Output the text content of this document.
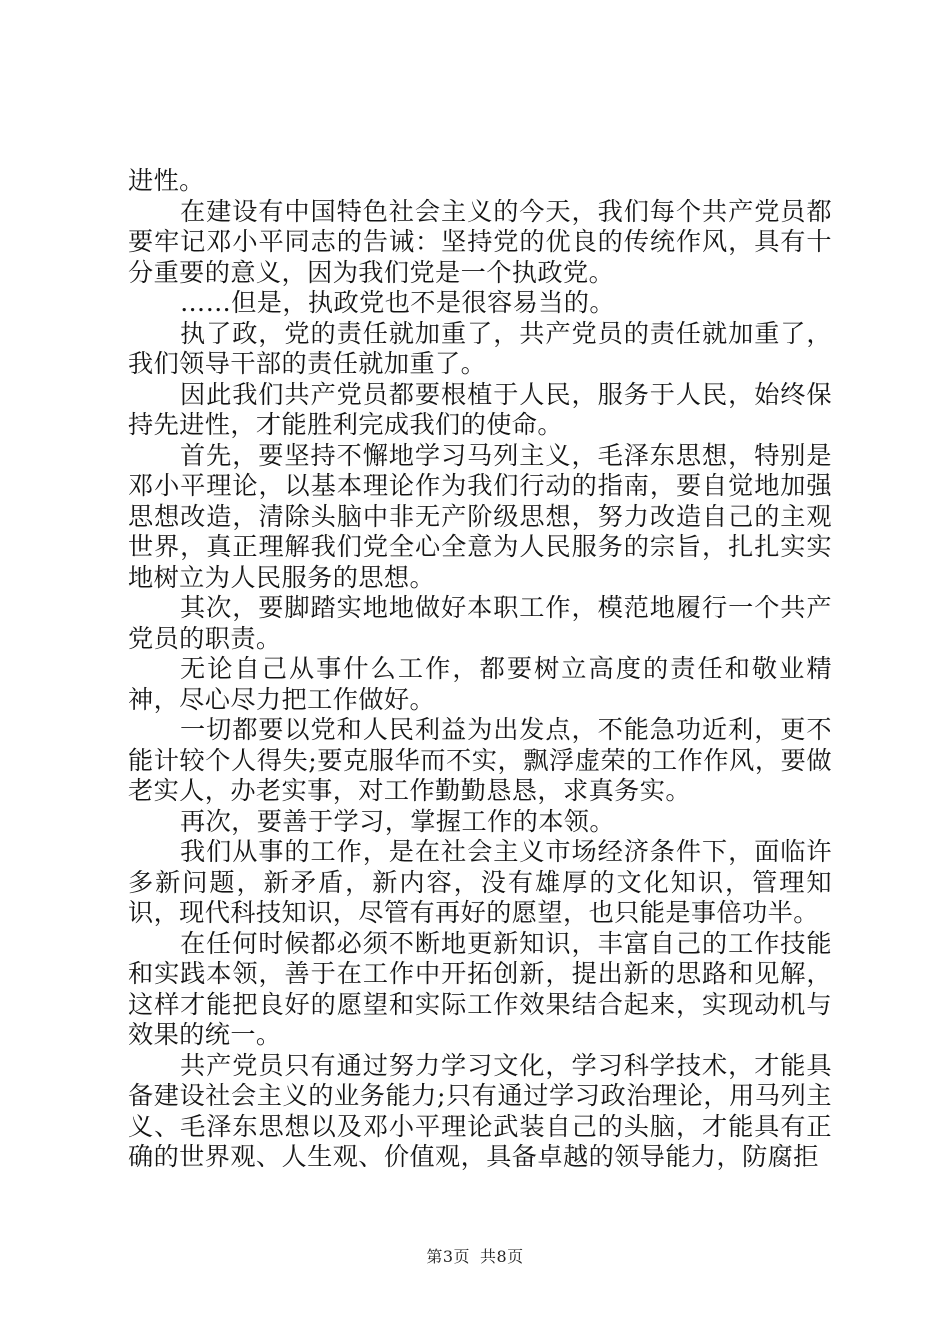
进性。

在建设有中国特色社会主义的今天，我们每个共产党员都要牢记邓小平同志的告诫：坚持党的优良的传统作风，具有十分重要的意义，因为我们党是一个执政党。

……但是，执政党也不是很容易当的。

执了政，党的责任就加重了，共产党员的责任就加重了，我们领导干部的责任就加重了。

因此我们共产党员都要根植于人民，服务于人民，始终保持先进性，才能胜利完成我们的使命。

首先，要坚持不懈地学习马列主义，毛泽东思想，特别是邓小平理论，以基本理论作为我们行动的指南，要自觉地加强思想改造，清除头脑中非无产阶级思想，努力改造自己的主观世界，真正理解我们党全心全意为人民服务的宗旨，扎扎实实地树立为人民服务的思想。

其次，要脚踏实地地做好本职工作，模范地履行一个共产党员的职责。

无论自己从事什么工作，都要树立高度的责任和敬业精神，尽心尽力把工作做好。

一切都要以党和人民利益为出发点，不能急功近利，更不能计较个人得失;要克服华而不实，飘浮虚荣的工作作风，要做老实人，办老实事，对工作勤勤恳恳，求真务实。

再次，要善于学习，掌握工作的本领。

我们从事的工作，是在社会主义市场经济条件下，面临许多新问题，新矛盾，新内容，没有雄厚的文化知识，管理知识，现代科技知识，尽管有再好的愿望，也只能是事倍功半。

在任何时候都必须不断地更新知识，丰富自己的工作技能和实践本领，善于在工作中开拓创新，提出新的思路和见解，这样才能把良好的愿望和实际工作效果结合起来，实现动机与效果的统一。

共产党员只有通过努力学习文化，学习科学技术，才能具备建设社会主义的业务能力;只有通过学习政治理论，用马列主义、毛泽东思想以及邓小平理论武装自己的头脑，才能具有正确的世界观、人生观、价值观，具备卓越的领导能力，防腐拒

第3页 共8页
